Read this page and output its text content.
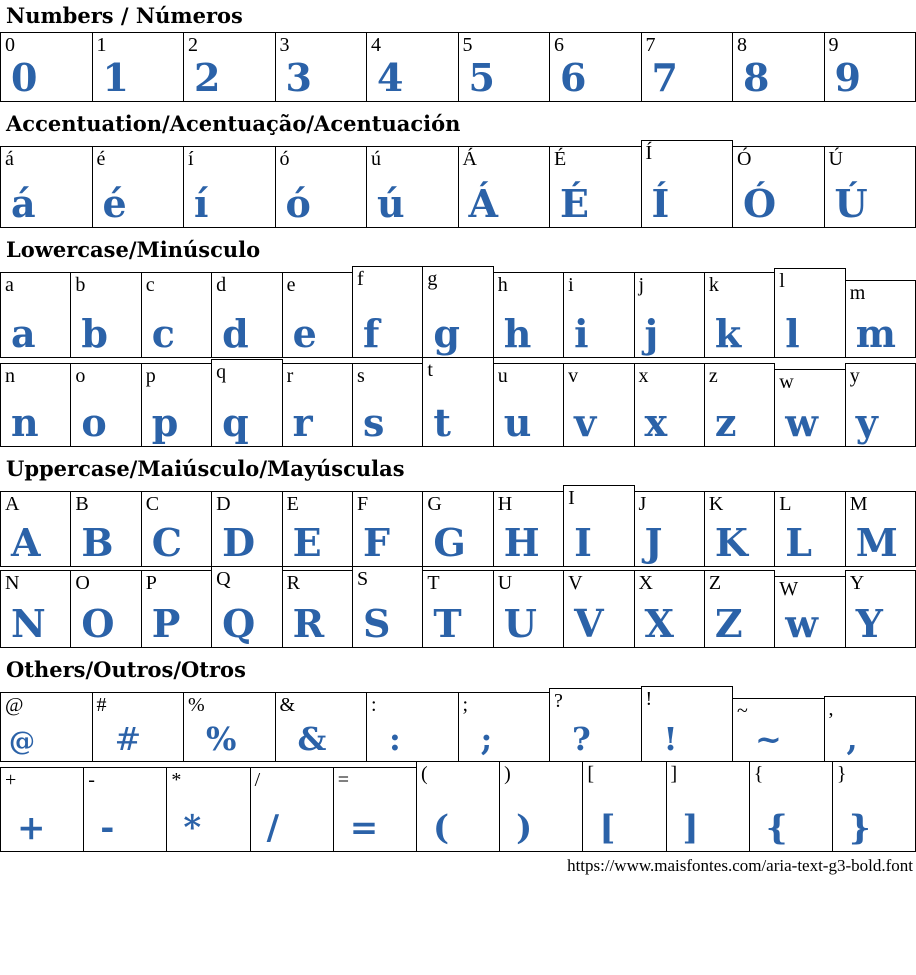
Numbers / Números
0
0
1
1
2
2
3
3
4
4
5
5
6
6
7
7
8
8
9
9
Accentuation/Acentuação/Acentuación
á
á
é
é
í
í
ó
ó
ú
ú
Á
Á
É
É
Í
Í
Ó
Ó
Ú
Ú
Lowercase/Minúsculo
a
a
b
b
c
c
d
d
e
e
f
f
g
g
h
h
i
i
j
j
k
k
l
l
m
m
n
n
o
o
p
p
q
q
r
r
s
s
t
t
u
u
v
v
x
x
z
z
w
w
y
y
Uppercase/Maiúsculo/Mayúsculas
A
A
B
B
C
C
D
D
E
E
F
F
G
G
H
H
I
I
J
J
K
K
L
L
M
M
N
N
O
O
P
P
Q
Q
R
R
S
S
T
T
U
U
V
V
X
X
Z
Z
W
w
Y
Y
Others/Outros/Otros
@
@
#
#
%
%
&
&
:
:
;
;
?
?
!
!
~
~
,
,
+
+
-
-
*
*
/
/
=
=
(
(
)
)
[
[
]
]
{
{
}
}
https://www.maisfontes.com/aria-text-g3-bold.font
